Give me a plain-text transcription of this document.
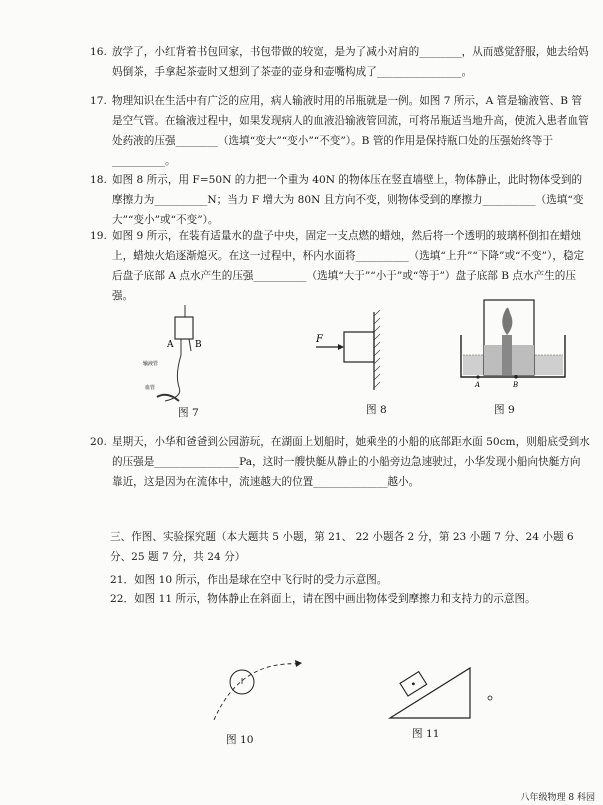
16. 放学了，小红背着书包回家，书包带做的较宽，是为了减小对肩的________，从而感觉舒服，她去给妈妈倒茶，手拿起茶壶时又想到了茶壶的壶身和壶嘴构成了________________。
17. 物理知识在生活中有广泛的应用，病人输液时用的吊瓶就是一例。如图 7 所示，A 管是输液管、B 管是空气管。在输液过程中，如果发现病人的血液沿输液管回流，可将吊瓶适当地升高，使流入患者血管处药液的压强________（选填“变大”“变小”“不变”）。B 管的作用是保持瓶口处的压强始终等于__________。
18. 如图 8 所示，用 F=50N 的力把一个重为 40N 的物体压在竖直墙壁上，物体静止，此时物体受到的摩擦力为__________N；当力 F 增大为 80N 且方向不变，则物体受到的摩擦力__________（选填“变大”“变小”或“不变”）。
19. 如图 9 所示，在装有适量水的盘子中央，固定一支点燃的蜡烛，然后将一个透明的玻璃杯倒扣在蜡烛上，蜡烛火焰逐渐熄灭。在这一过程中，杯内水面将__________（选填“上升”“下降”或“不变”），稳定后盘子底部 A 点水产生的压强__________（选填“大于”“小于”或“等于”）盘子底部 B 点水产生的压强。
A B
输液管
血管
图 7
F
图 8
A	B
图 9
20. 星期天，小华和爸爸到公园游玩，在湖面上划船时，她乘坐的小船的底部距水面 50cm，则船底受到水的压强是________________Pa，这时一艘快艇从静止的小船旁边急速驶过，小华发现小船向快艇方向靠近，这是因为在流体中，流速越大的位置______________越小。
三、作图、实验探究题（本大题共 5 小题，第 21、 22 小题各 2 分，第 23 小题 7 分、24 小题 6 分、25 题 7 分，共 24 分）
21．如图 10 所示，作出是球在空中飞行时的受力示意图。
22．如图 11 所示，物体静止在斜面上，请在图中画出物体受到摩擦力和支持力的示意图。
图 10	图 11
八年级物理 8 科园
